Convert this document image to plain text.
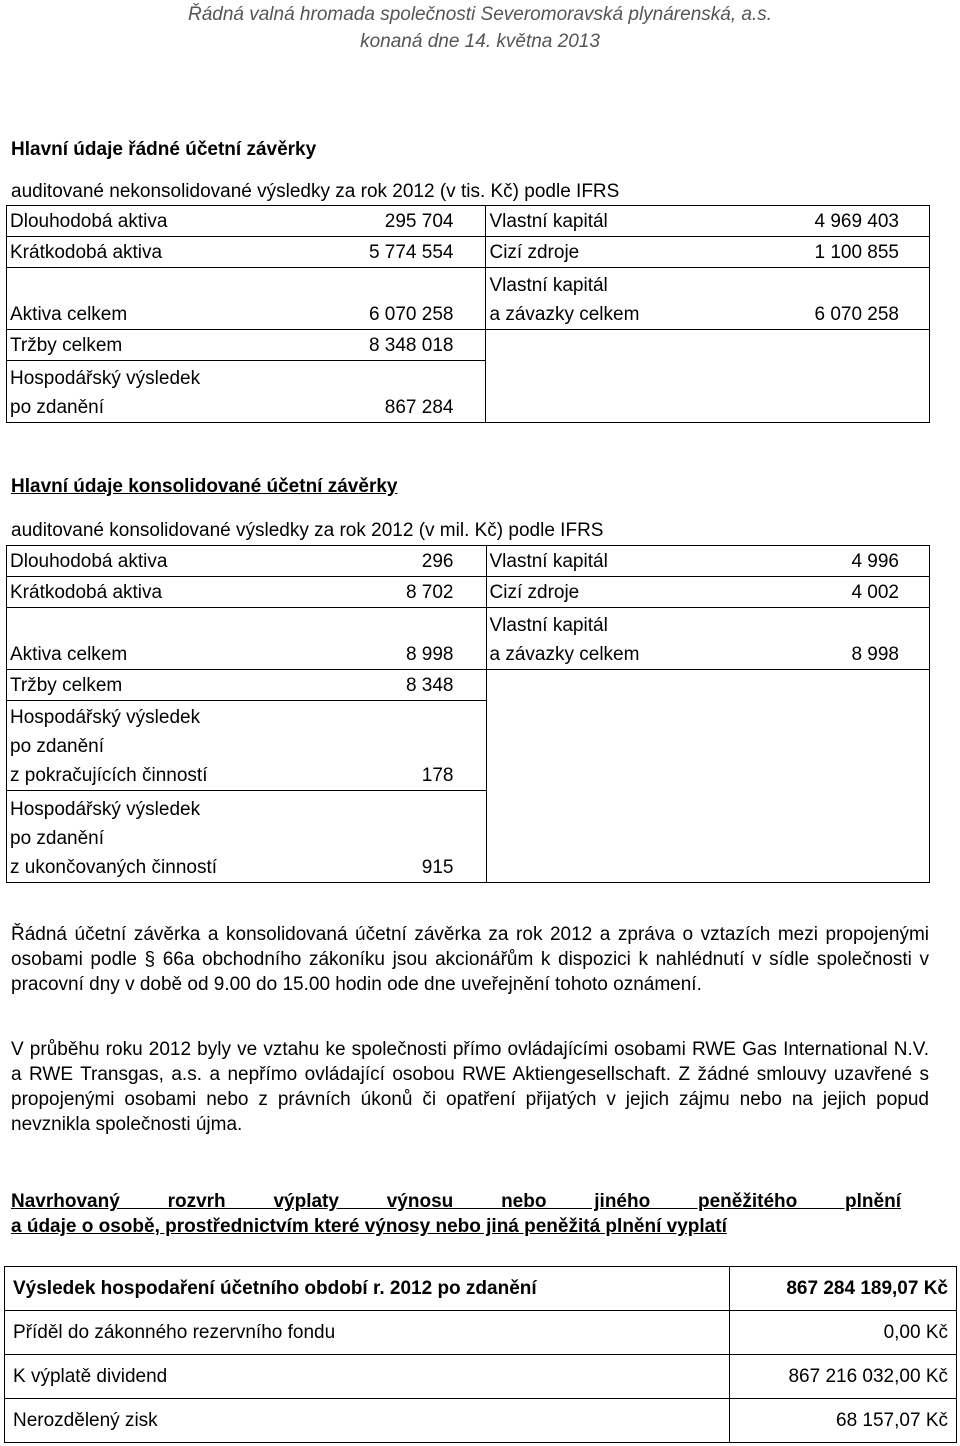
Řádná valná hromada společnosti Severomoravská plynárenská, a.s.
konaná dne 14. května 2013
Hlavní údaje řádné účetní závěrky
auditované nekonsolidované výsledky za rok 2012 (v tis. Kč) podle IFRS
Dlouhodobá aktiva	295 704	Vlastní kapitál	4 969 403
Krátkodobá aktiva	5 774 554	Cizí zdroje	1 100 855
Aktiva celkem	6 070 258	Vlastní kapitál
a závazky celkem	6 070 258
Tržby celkem	8 348 018		
Hospodářský výsledek
po zdanění	867 284		
Hlavní údaje konsolidované účetní závěrky
auditované konsolidované výsledky za rok 2012 (v mil. Kč) podle IFRS
Dlouhodobá aktiva	296	Vlastní kapitál	4 996
Krátkodobá aktiva	8 702	Cizí zdroje	4 002
Aktiva celkem	8 998	Vlastní kapitál
a závazky celkem	8 998
Tržby celkem	8 348		
Hospodářský výsledek
po zdanění
z pokračujících činností	178		
Hospodářský výsledek
po zdanění
z ukončovaných činností	915		
Řádná účetní závěrka a konsolidovaná účetní závěrka za rok 2012 a zpráva o vztazích mezi propojenými osobami podle § 66a obchodního zákoníku jsou akcionářům k dispozici k nahlédnutí v sídle společnosti v pracovní dny v době od 9.00 do 15.00 hodin ode dne uveřejnění tohoto oznámení.
V průběhu roku 2012 byly ve vztahu ke společnosti přímo ovládajícími osobami RWE Gas International N.V. a RWE Transgas, a.s. a nepřímo ovládající osobou RWE Aktiengesellschaft. Z žádné smlouvy uzavřené s propojenými osobami nebo z právních úkonů či opatření přijatých v jejich zájmu nebo na jejich popud nevznikla společnosti újma.
Navrhovaný rozvrh výplaty výnosu nebo jiného peněžitého plnění
a údaje o osobě, prostřednictvím které výnosy nebo jiná peněžitá plnění vyplatí
Výsledek hospodaření účetního období r. 2012 po zdanění	867 284 189,07 Kč
Příděl do zákonného rezervního fondu	0,00 Kč
K výplatě dividend	867 216 032,00 Kč
Nerozdělený zisk	68 157,07 Kč
